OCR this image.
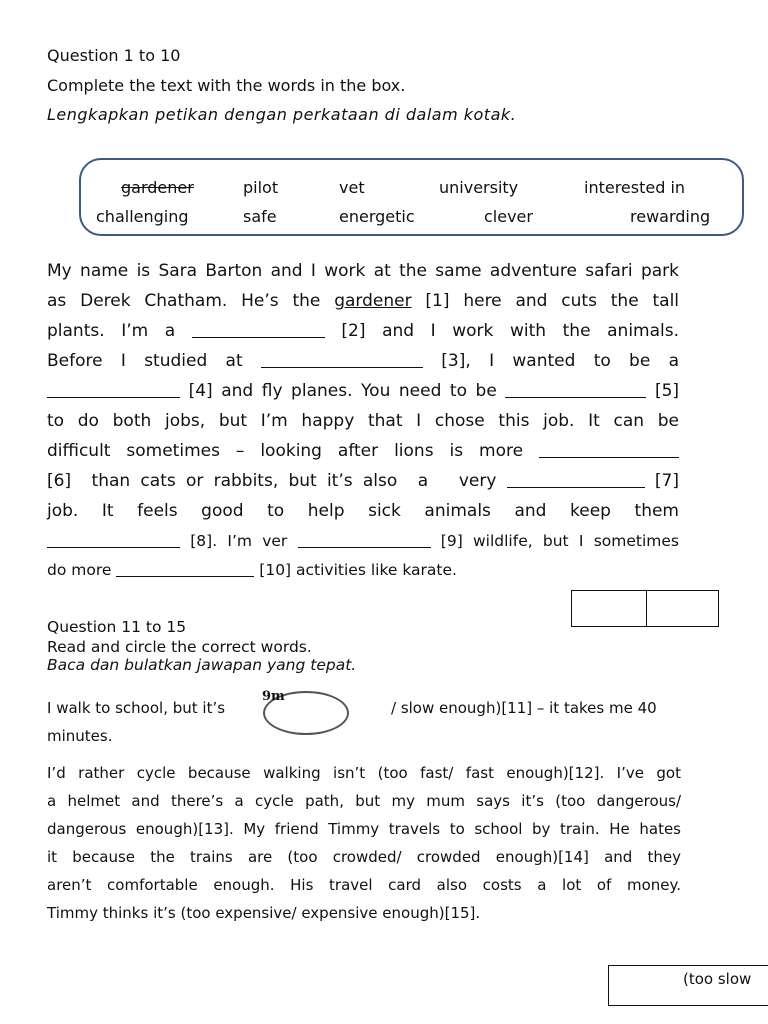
Question 1 to 10
Complete the text with the words in the box.
Lengkapkan petikan dengan perkataan di dalam kotak.
gardener	pilot	vet	university	interested in
challenging	safe	energetic	clever	rewarding
My name is Sara Barton and I work at the same adventure safari park
as Derek Chatham. He’s the gardener [1] here and cuts the tall
plants. I’m a	[2] and I work with the animals.
Before I studied at	[3], I wanted to be a
[4] and fly planes. You need to be	[5]
to do both jobs, but I’m happy that I chose this job. It can be
difficult sometimes – looking after lions is more
[6]  than cats or rabbits, but it’s also  a   very	[7]
job. It feels good to help sick animals and keep them
[8]. I’m ver	[9] wildlife, but I sometimes
do more	[10] activities like karate.
Question 11 to 15
Read and circle the correct words.
Baca dan bulatkan jawapan yang tepat.
I walk to school, but it’s
9m
/ slow enough)[11] – it takes me 40
minutes.
I’d rather cycle because walking isn’t (too fast/ fast enough)[12]. I’ve got
a helmet and there’s a cycle path, but my mum says it’s (too dangerous/
dangerous enough)[13]. My friend Timmy travels to school by train. He hates
it because the trains are (too crowded/ crowded enough)[14] and they
aren’t comfortable enough. His travel card also costs a lot of money.
Timmy thinks it’s (too expensive/ expensive enough)[15].
(too slow
